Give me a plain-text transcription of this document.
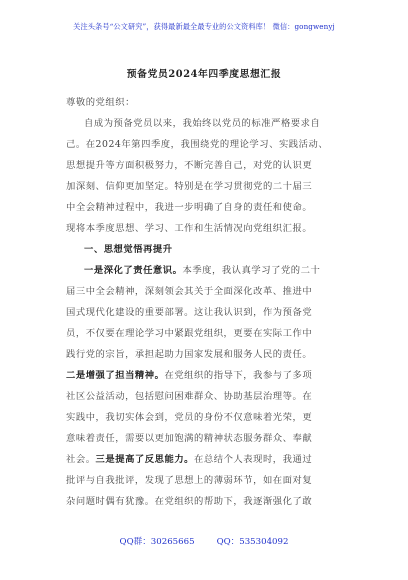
关注头条号“公文研究”，获得最新最全最专业的公文资料库！ 微信：gongwenyj
预备党员2024年四季度思想汇报
尊敬的党组织：
自成为预备党员以来，我始终以党员的标准严格要求自
己。在2024年第四季度，我围绕党的理论学习、实践活动、
思想提升等方面积极努力，不断完善自己，对党的认识更
加深刻、信仰更加坚定。特别是在学习贯彻党的二十届三
中全会精神过程中，我进一步明确了自身的责任和使命。
现将本季度思想、学习、工作和生活情况向党组织汇报。
一、思想觉悟再提升
一是深化了责任意识。本季度，我认真学习了党的二十
届三中全会精神，深刻领会其关于全面深化改革、推进中
国式现代化建设的重要部署。这让我认识到，作为预备党
员，不仅要在理论学习中紧跟党组织，更要在实际工作中
践行党的宗旨，承担起助力国家发展和服务人民的责任。
二是增强了担当精神。在党组织的指导下，我参与了多项
社区公益活动，包括慰问困难群众、协助基层治理等。在
实践中，我切实体会到，党员的身份不仅意味着光荣，更
意味着责任，需要以更加饱满的精神状态服务群众、奉献
社会。三是提高了反思能力。在总结个人表现时，我通过
批评与自我批评，发现了思想上的薄弱环节，如在面对复
杂问题时偶有犹豫。在党组织的帮助下，我逐渐强化了敢
QQ群：30265665	QQ：535304092
